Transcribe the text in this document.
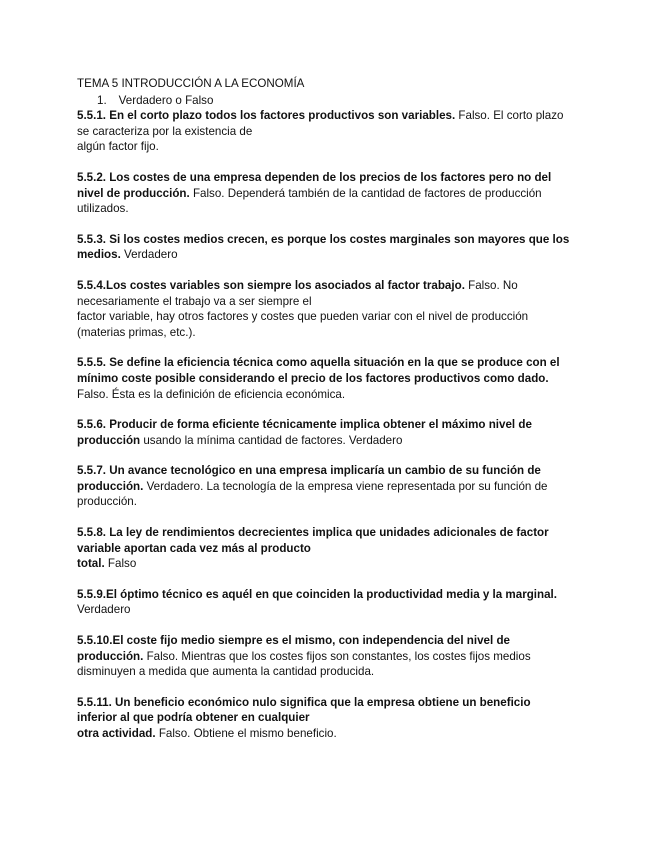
TEMA 5 INTRODUCCIÓN A LA ECONOMÍA
1. Verdadero o Falso
5.5.1. En el corto plazo todos los factores productivos son variables. Falso. El corto plazo
se caracteriza por la existencia de
algún factor fijo.
5.5.2. Los costes de una empresa dependen de los precios de los factores pero no del
nivel de producción. Falso. Dependerá también de la cantidad de factores de producción
utilizados.
5.5.3. Si los costes medios crecen, es porque los costes marginales son mayores que los
medios. Verdadero
5.5.4.Los costes variables son siempre los asociados al factor trabajo. Falso. No
necesariamente el trabajo va a ser siempre el
factor variable, hay otros factores y costes que pueden variar con el nivel de producción
(materias primas, etc.).
5.5.5. Se define la eficiencia técnica como aquella situación en la que se produce con el
mínimo coste posible considerando el precio de los factores productivos como dado.
Falso. Ésta es la definición de eficiencia económica.
5.5.6. Producir de forma eficiente técnicamente implica obtener el máximo nivel de
producción usando la mínima cantidad de factores. Verdadero
5.5.7. Un avance tecnológico en una empresa implicaría un cambio de su función de
producción. Verdadero. La tecnología de la empresa viene representada por su función de
producción.
5.5.8. La ley de rendimientos decrecientes implica que unidades adicionales de factor
variable aportan cada vez más al producto
total. Falso
5.5.9.El óptimo técnico es aquél en que coinciden la productividad media y la marginal.
Verdadero
5.5.10.El coste fijo medio siempre es el mismo, con independencia del nivel de
producción. Falso. Mientras que los costes fijos son constantes, los costes fijos medios
disminuyen a medida que aumenta la cantidad producida.
5.5.11. Un beneficio económico nulo significa que la empresa obtiene un beneficio
inferior al que podría obtener en cualquier
otra actividad. Falso. Obtiene el mismo beneficio.
